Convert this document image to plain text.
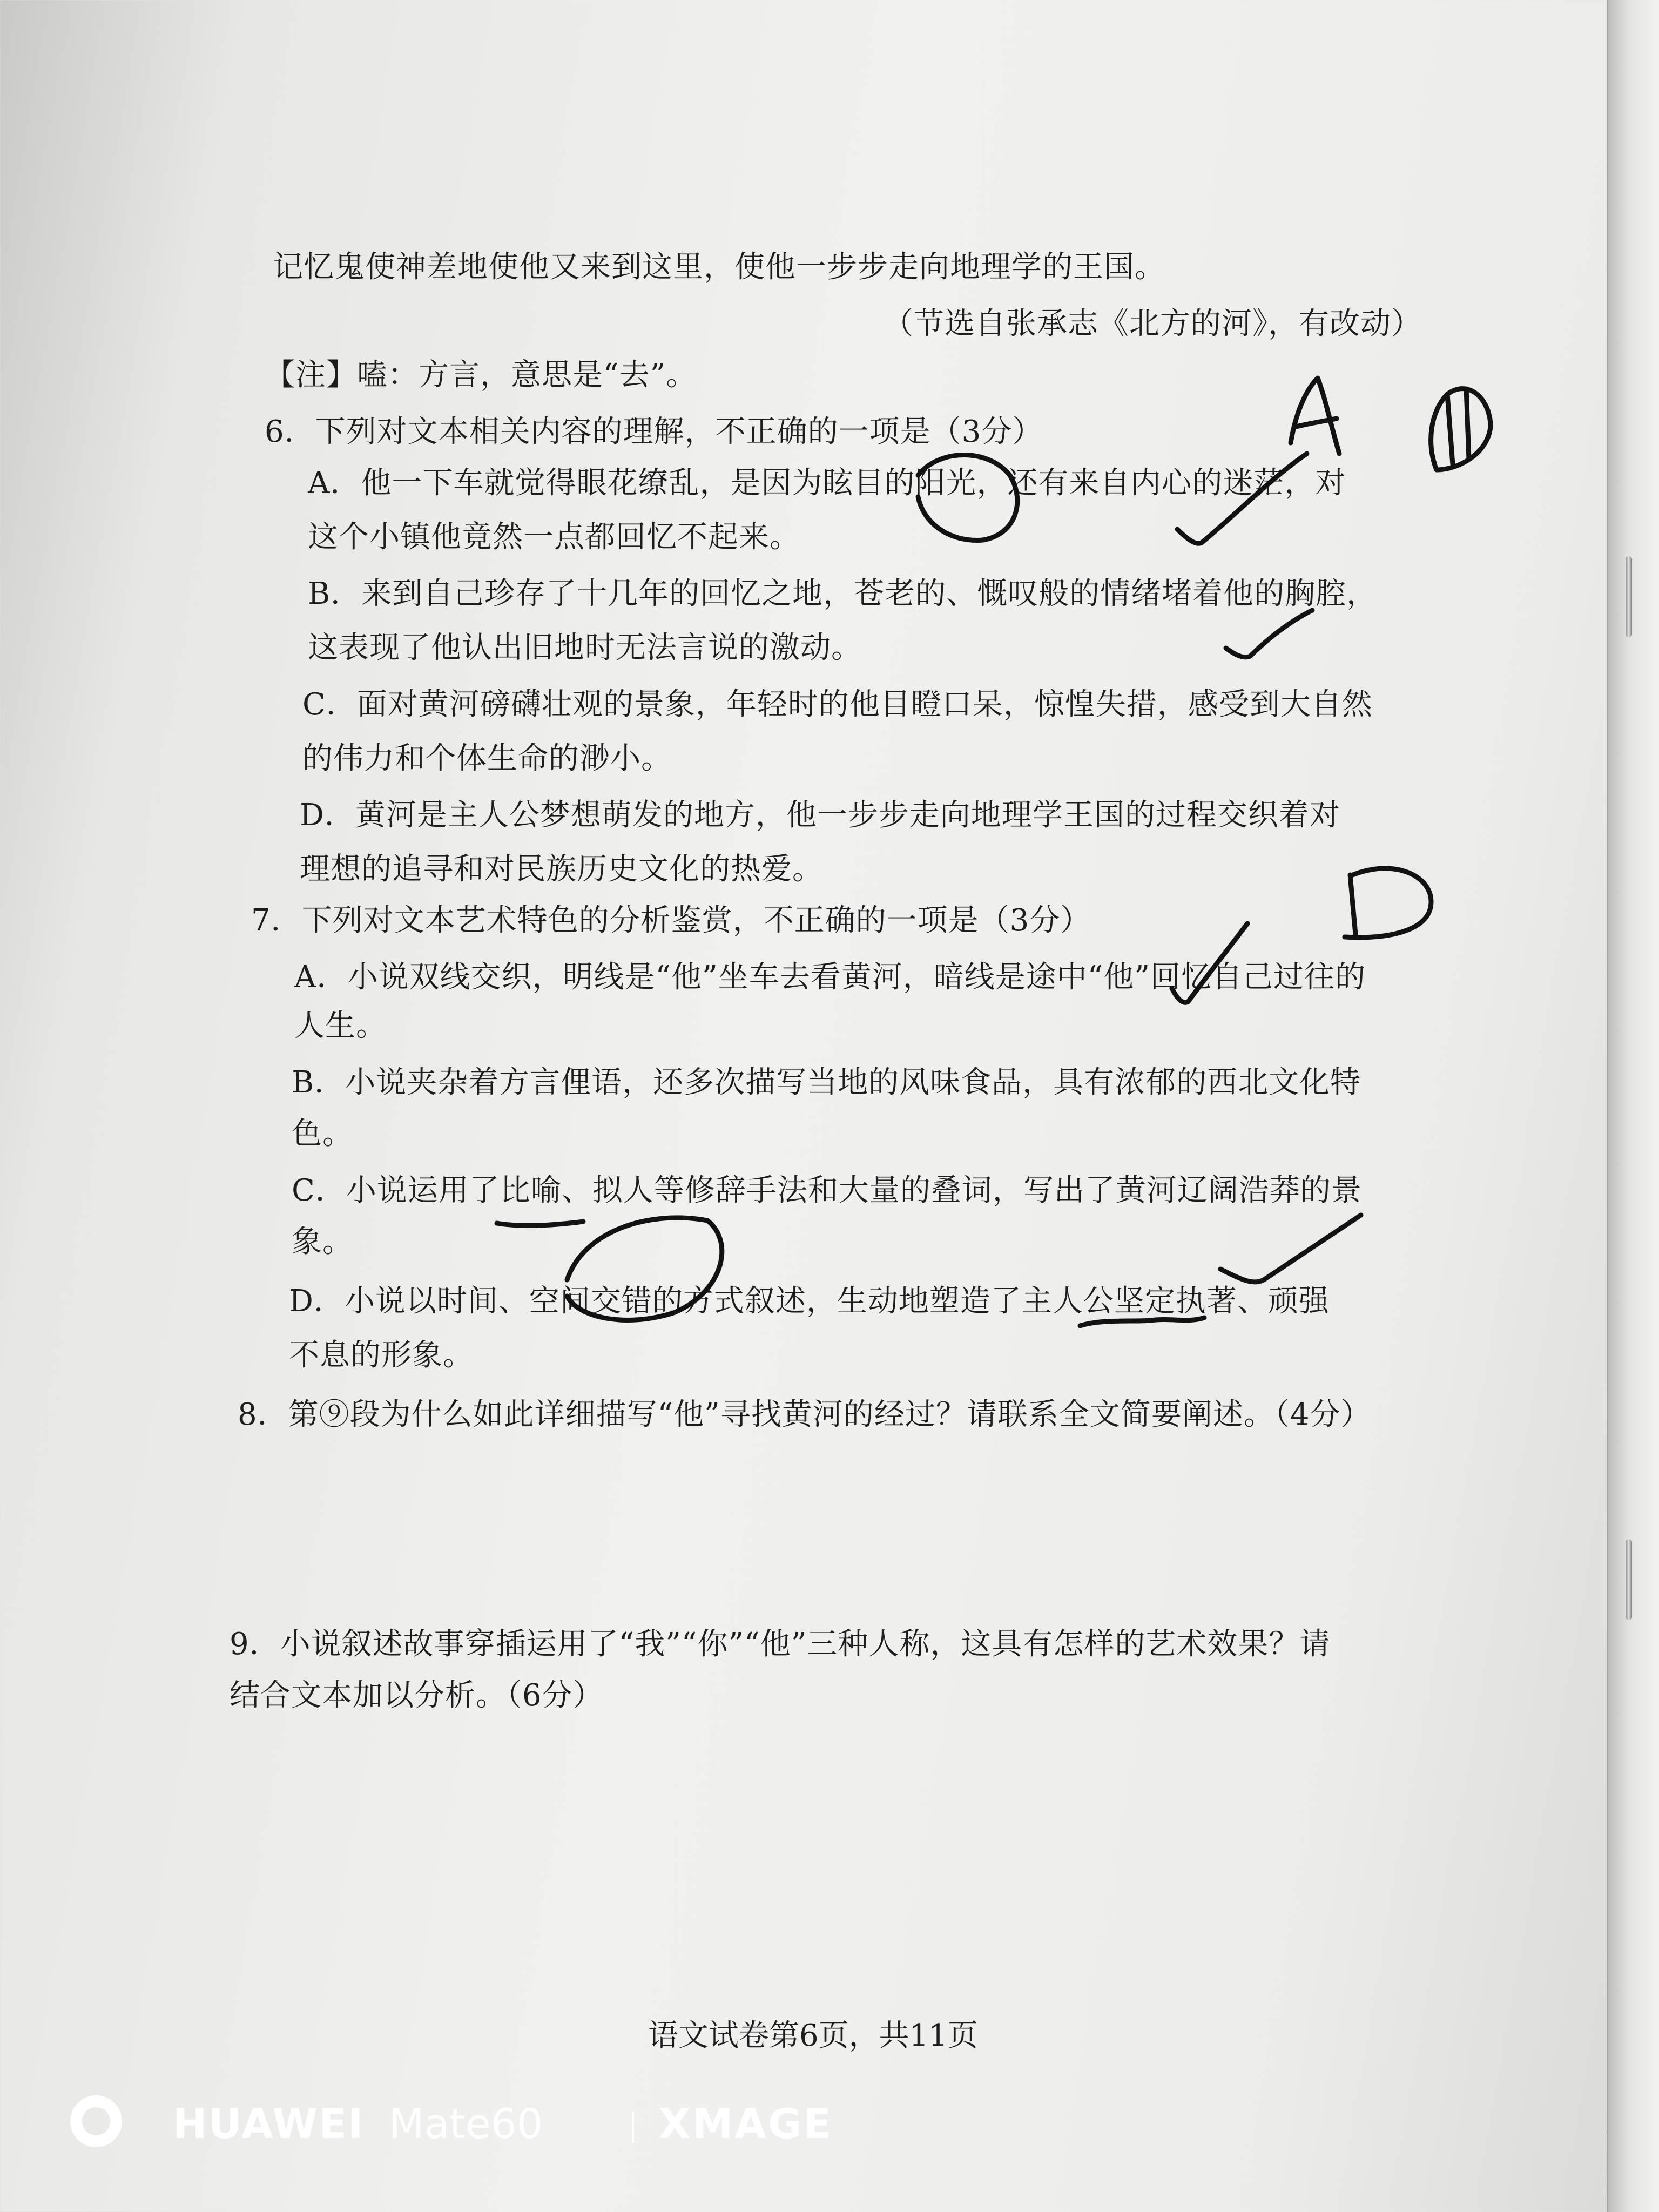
记忆鬼使神差地使他又来到这里，使他一步步走向地理学的王国。
（节选自张承志《北方的河》，有改动）
【注】嗑：方言，意思是“去”。
6．下列对文本相关内容的理解，不正确的一项是（3分）
A．他一下车就觉得眼花缭乱，是因为眩目的阳光，还有来自内心的迷茫，对
这个小镇他竟然一点都回忆不起来。
B．来到自己珍存了十几年的回忆之地，苍老的、慨叹般的情绪堵着他的胸腔，
这表现了他认出旧地时无法言说的激动。
C．面对黄河磅礴壮观的景象，年轻时的他目瞪口呆，惊惶失措，感受到大自然
的伟力和个体生命的渺小。
D．黄河是主人公梦想萌发的地方，他一步步走向地理学王国的过程交织着对
理想的追寻和对民族历史文化的热爱。
7．下列对文本艺术特色的分析鉴赏，不正确的一项是（3分）
A．小说双线交织，明线是“他”坐车去看黄河，暗线是途中“他”回忆自己过往的
人生。
B．小说夹杂着方言俚语，还多次描写当地的风味食品，具有浓郁的西北文化特
色。
C．小说运用了比喻、拟人等修辞手法和大量的叠词，写出了黄河辽阔浩莽的景
象。
D．小说以时间、空间交错的方式叙述，生动地塑造了主人公坚定执著、顽强
不息的形象。
8．第⑨段为什么如此详细描写“他”寻找黄河的经过？请联系全文简要阐述。（4分）
9．小说叙述故事穿插运用了“我”“你”“他”三种人称，这具有怎样的艺术效果？请
结合文本加以分析。（6分）
语文试卷第6页，共11页
HUAWEI Mate60	XMAGE
